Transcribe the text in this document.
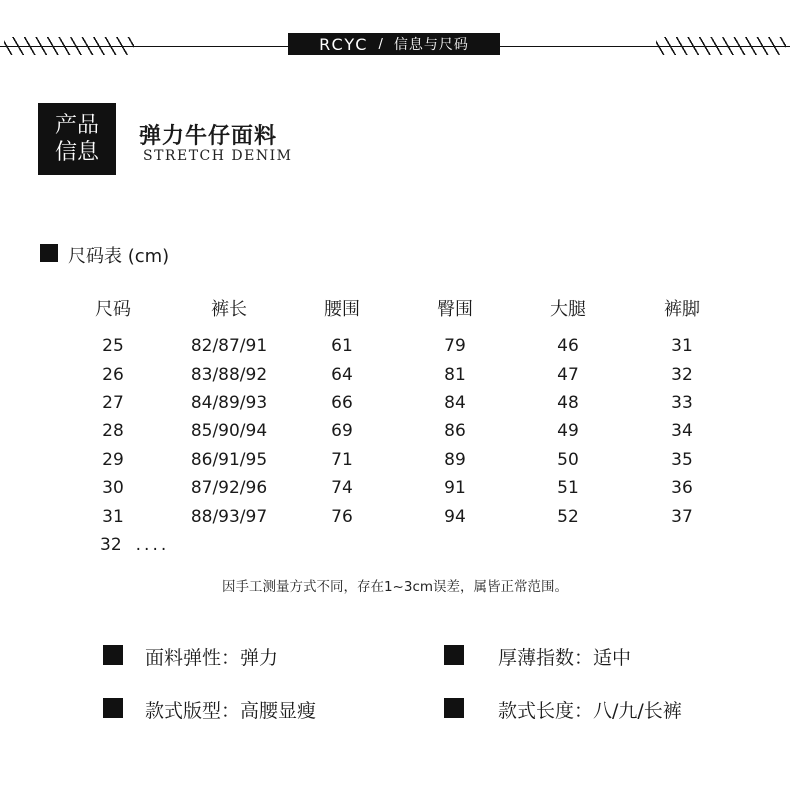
RCYC / 信息与尺码
产品
信息
弹力牛仔面料
STRETCH DENIM
尺码表 (cm)
尺码	裤长	腰围	臀围	大腿	裤脚
25	82/87/91	61	79	46	31
26	83/88/92	64	81	47	32
27	84/89/93	66	84	48	33
28	85/90/94	69	86	49	34
29	86/91/95	71	89	50	35
30	87/92/96	74	91	51	36
31	88/93/97	76	94	52	37
32 ....
因手工测量方式不同，存在1~3cm误差，属皆正常范围。
面料弹性：弹力	厚薄指数：适中
款式版型：高腰显瘦	款式长度：八/九/长裤
